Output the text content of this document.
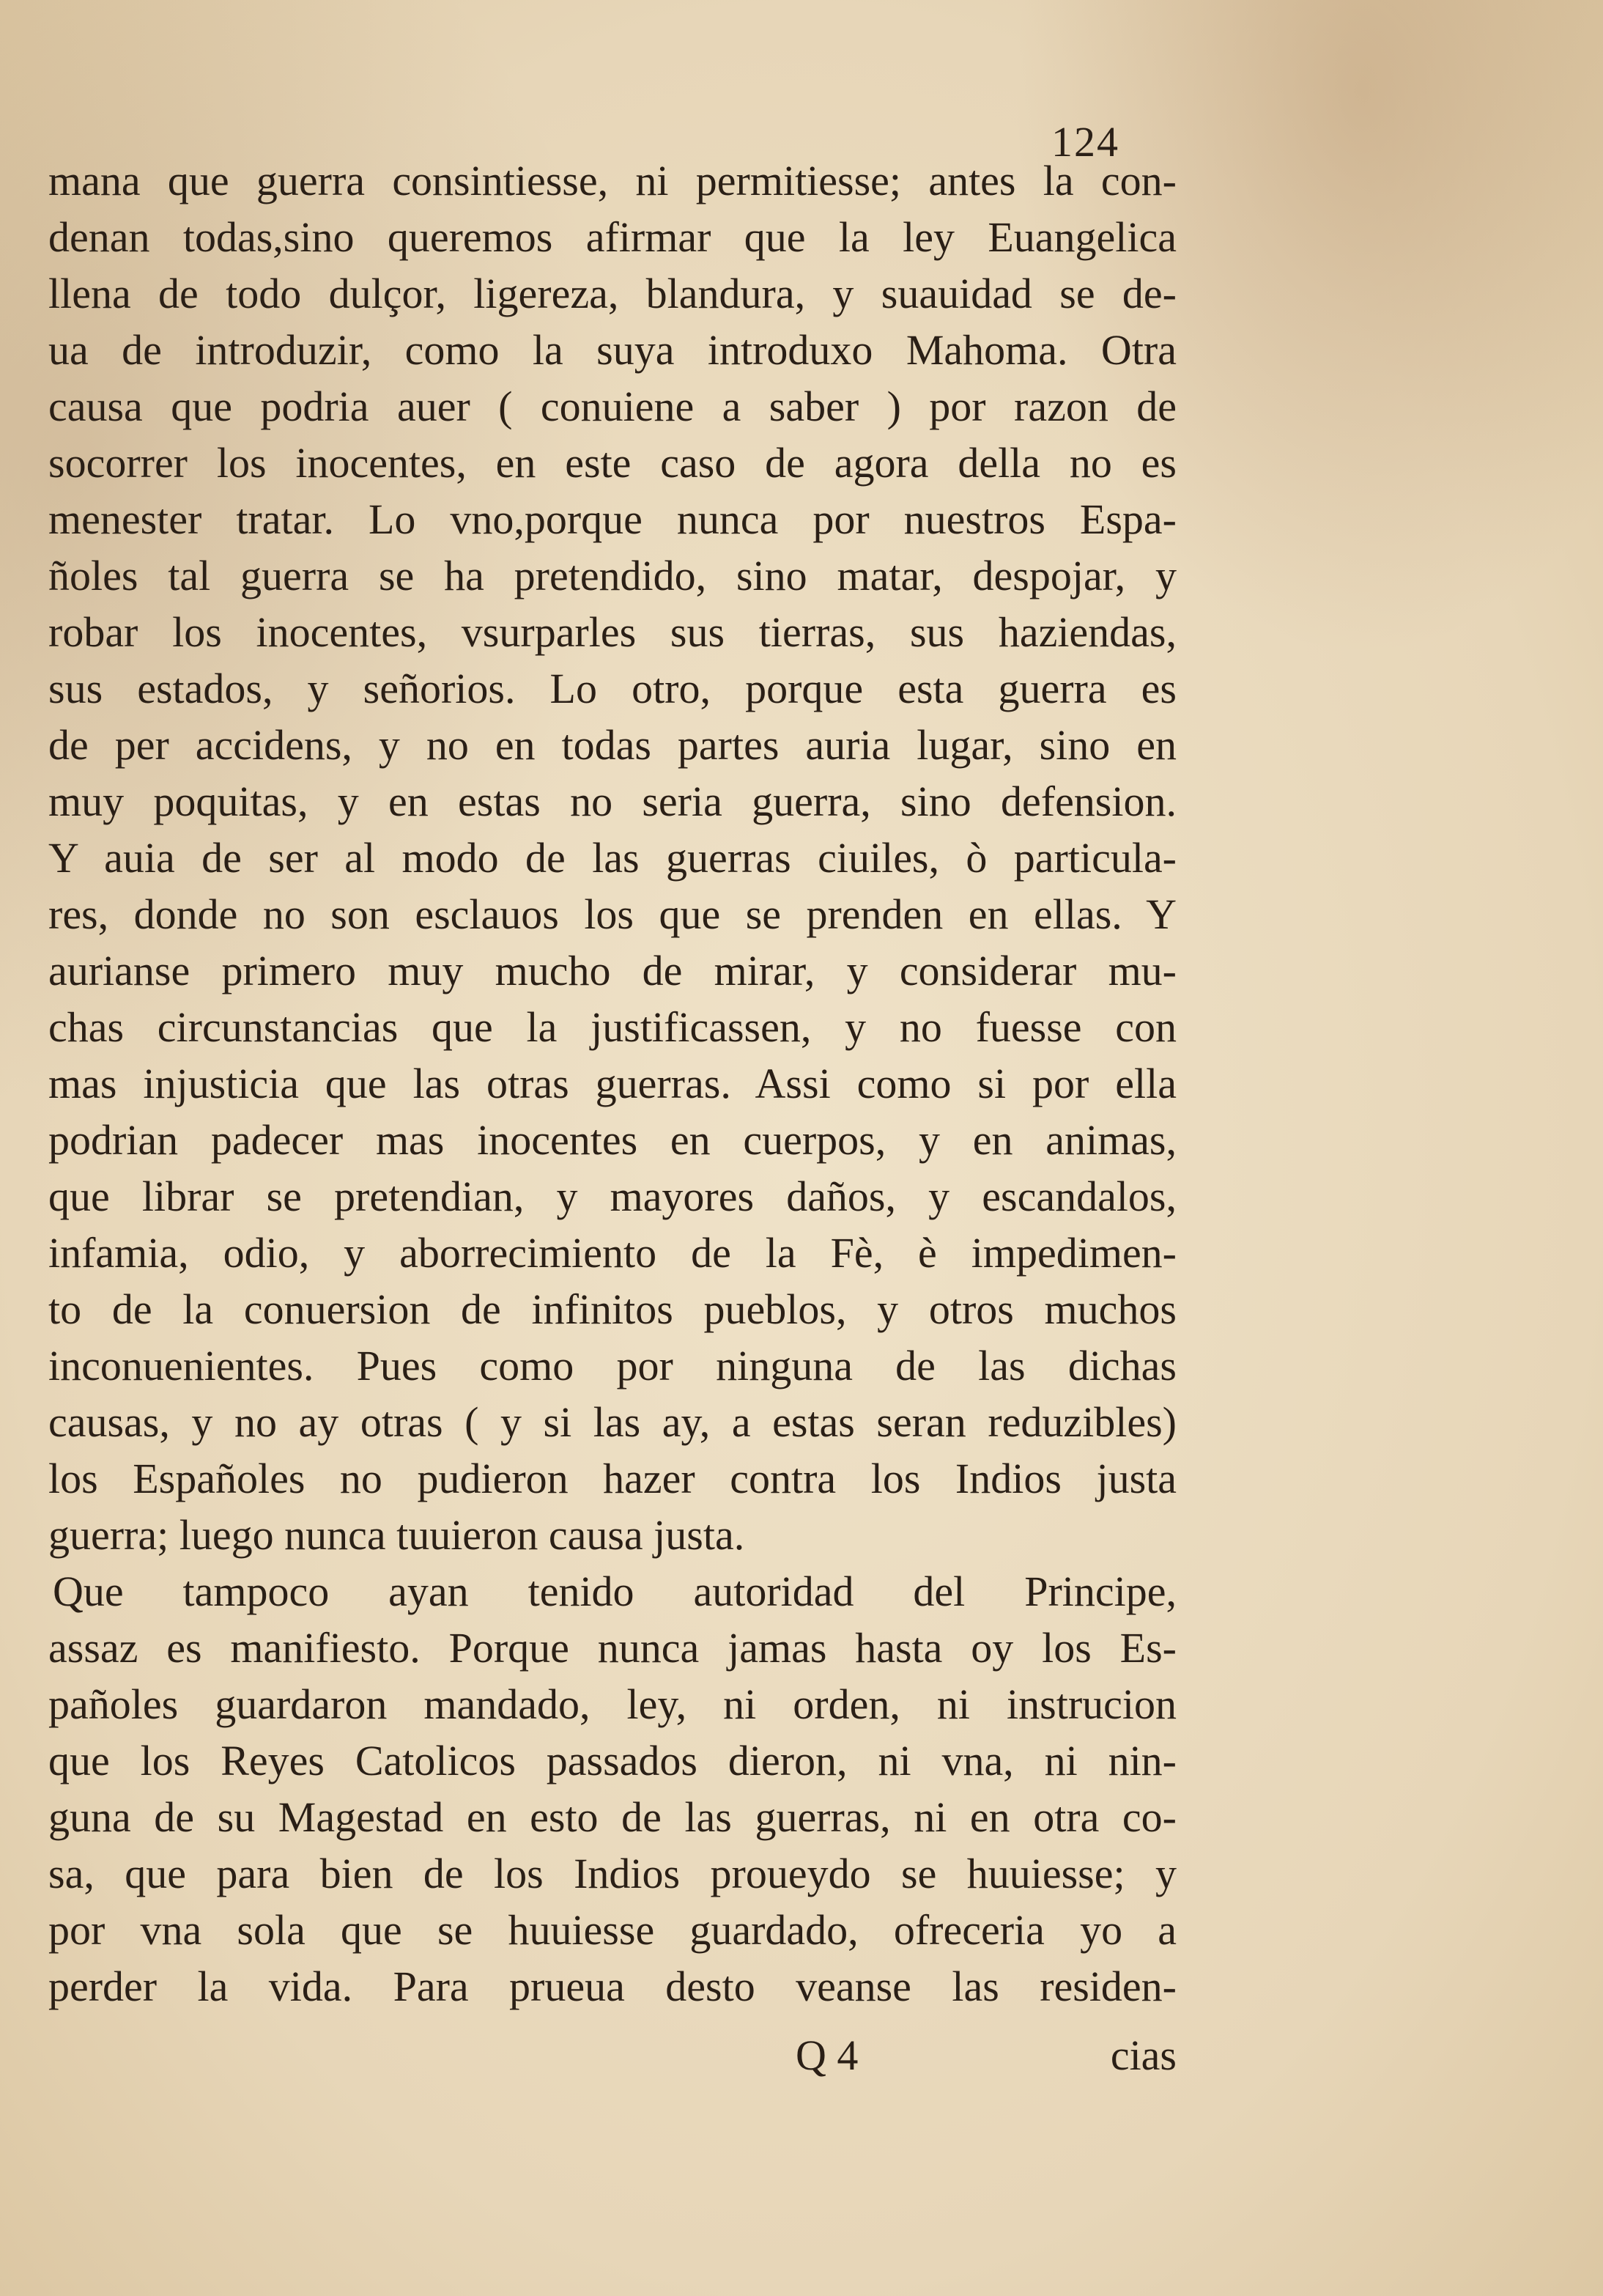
124
mana que guerra consintiesse, ni permitiesse; antes la con-
denan todas,sino queremos afirmar que la ley Euangelica
llena de todo dulçor, ligereza, blandura, y suauidad se de-
ua de introduzir, como la suya introduxo Mahoma. Otra
causa que podria auer ( conuiene a saber ) por razon de
socorrer los inocentes, en este caso de agora della no es
menester tratar. Lo vno,porque nunca por nuestros Espa-
ñoles tal guerra se ha pretendido, sino matar, despojar, y
robar los inocentes, vsurparles sus tierras, sus haziendas,
sus estados, y señorios. Lo otro, porque esta guerra es
de per accidens, y no en todas partes auria lugar, sino en
muy poquitas, y en estas no seria guerra, sino defension.
Y auia de ser al modo de las guerras ciuiles, ò particula-
res, donde no son esclauos los que se prenden en ellas. Y
aurianse primero muy mucho de mirar, y considerar mu-
chas circunstancias que la justificassen, y no fuesse con
mas injusticia que las otras guerras. Assi como si por ella
podrian padecer mas inocentes en cuerpos, y en animas,
que librar se pretendian, y mayores daños, y escandalos,
infamia, odio, y aborrecimiento de la Fè, è impedimen-
to de la conuersion de infinitos pueblos, y otros muchos
inconuenientes. Pues como por ninguna de las dichas
causas, y no ay otras ( y si las ay, a estas seran reduzibles)
los Españoles no pudieron hazer contra los Indios justa
guerra; luego nunca tuuieron causa justa.
Que tampoco ayan tenido autoridad del Principe,
assaz es manifiesto. Porque nunca jamas hasta oy los Es-
pañoles guardaron mandado, ley, ni orden, ni instrucion
que los Reyes Catolicos passados dieron, ni vna, ni nin-
guna de su Magestad en esto de las guerras, ni en otra co-
sa, que para bien de los Indios proueydo se huuiesse; y
por vna sola que se huuiesse guardado, ofreceria yo a
perder la vida. Para prueua desto veanse las residen-
Q 4	cias
